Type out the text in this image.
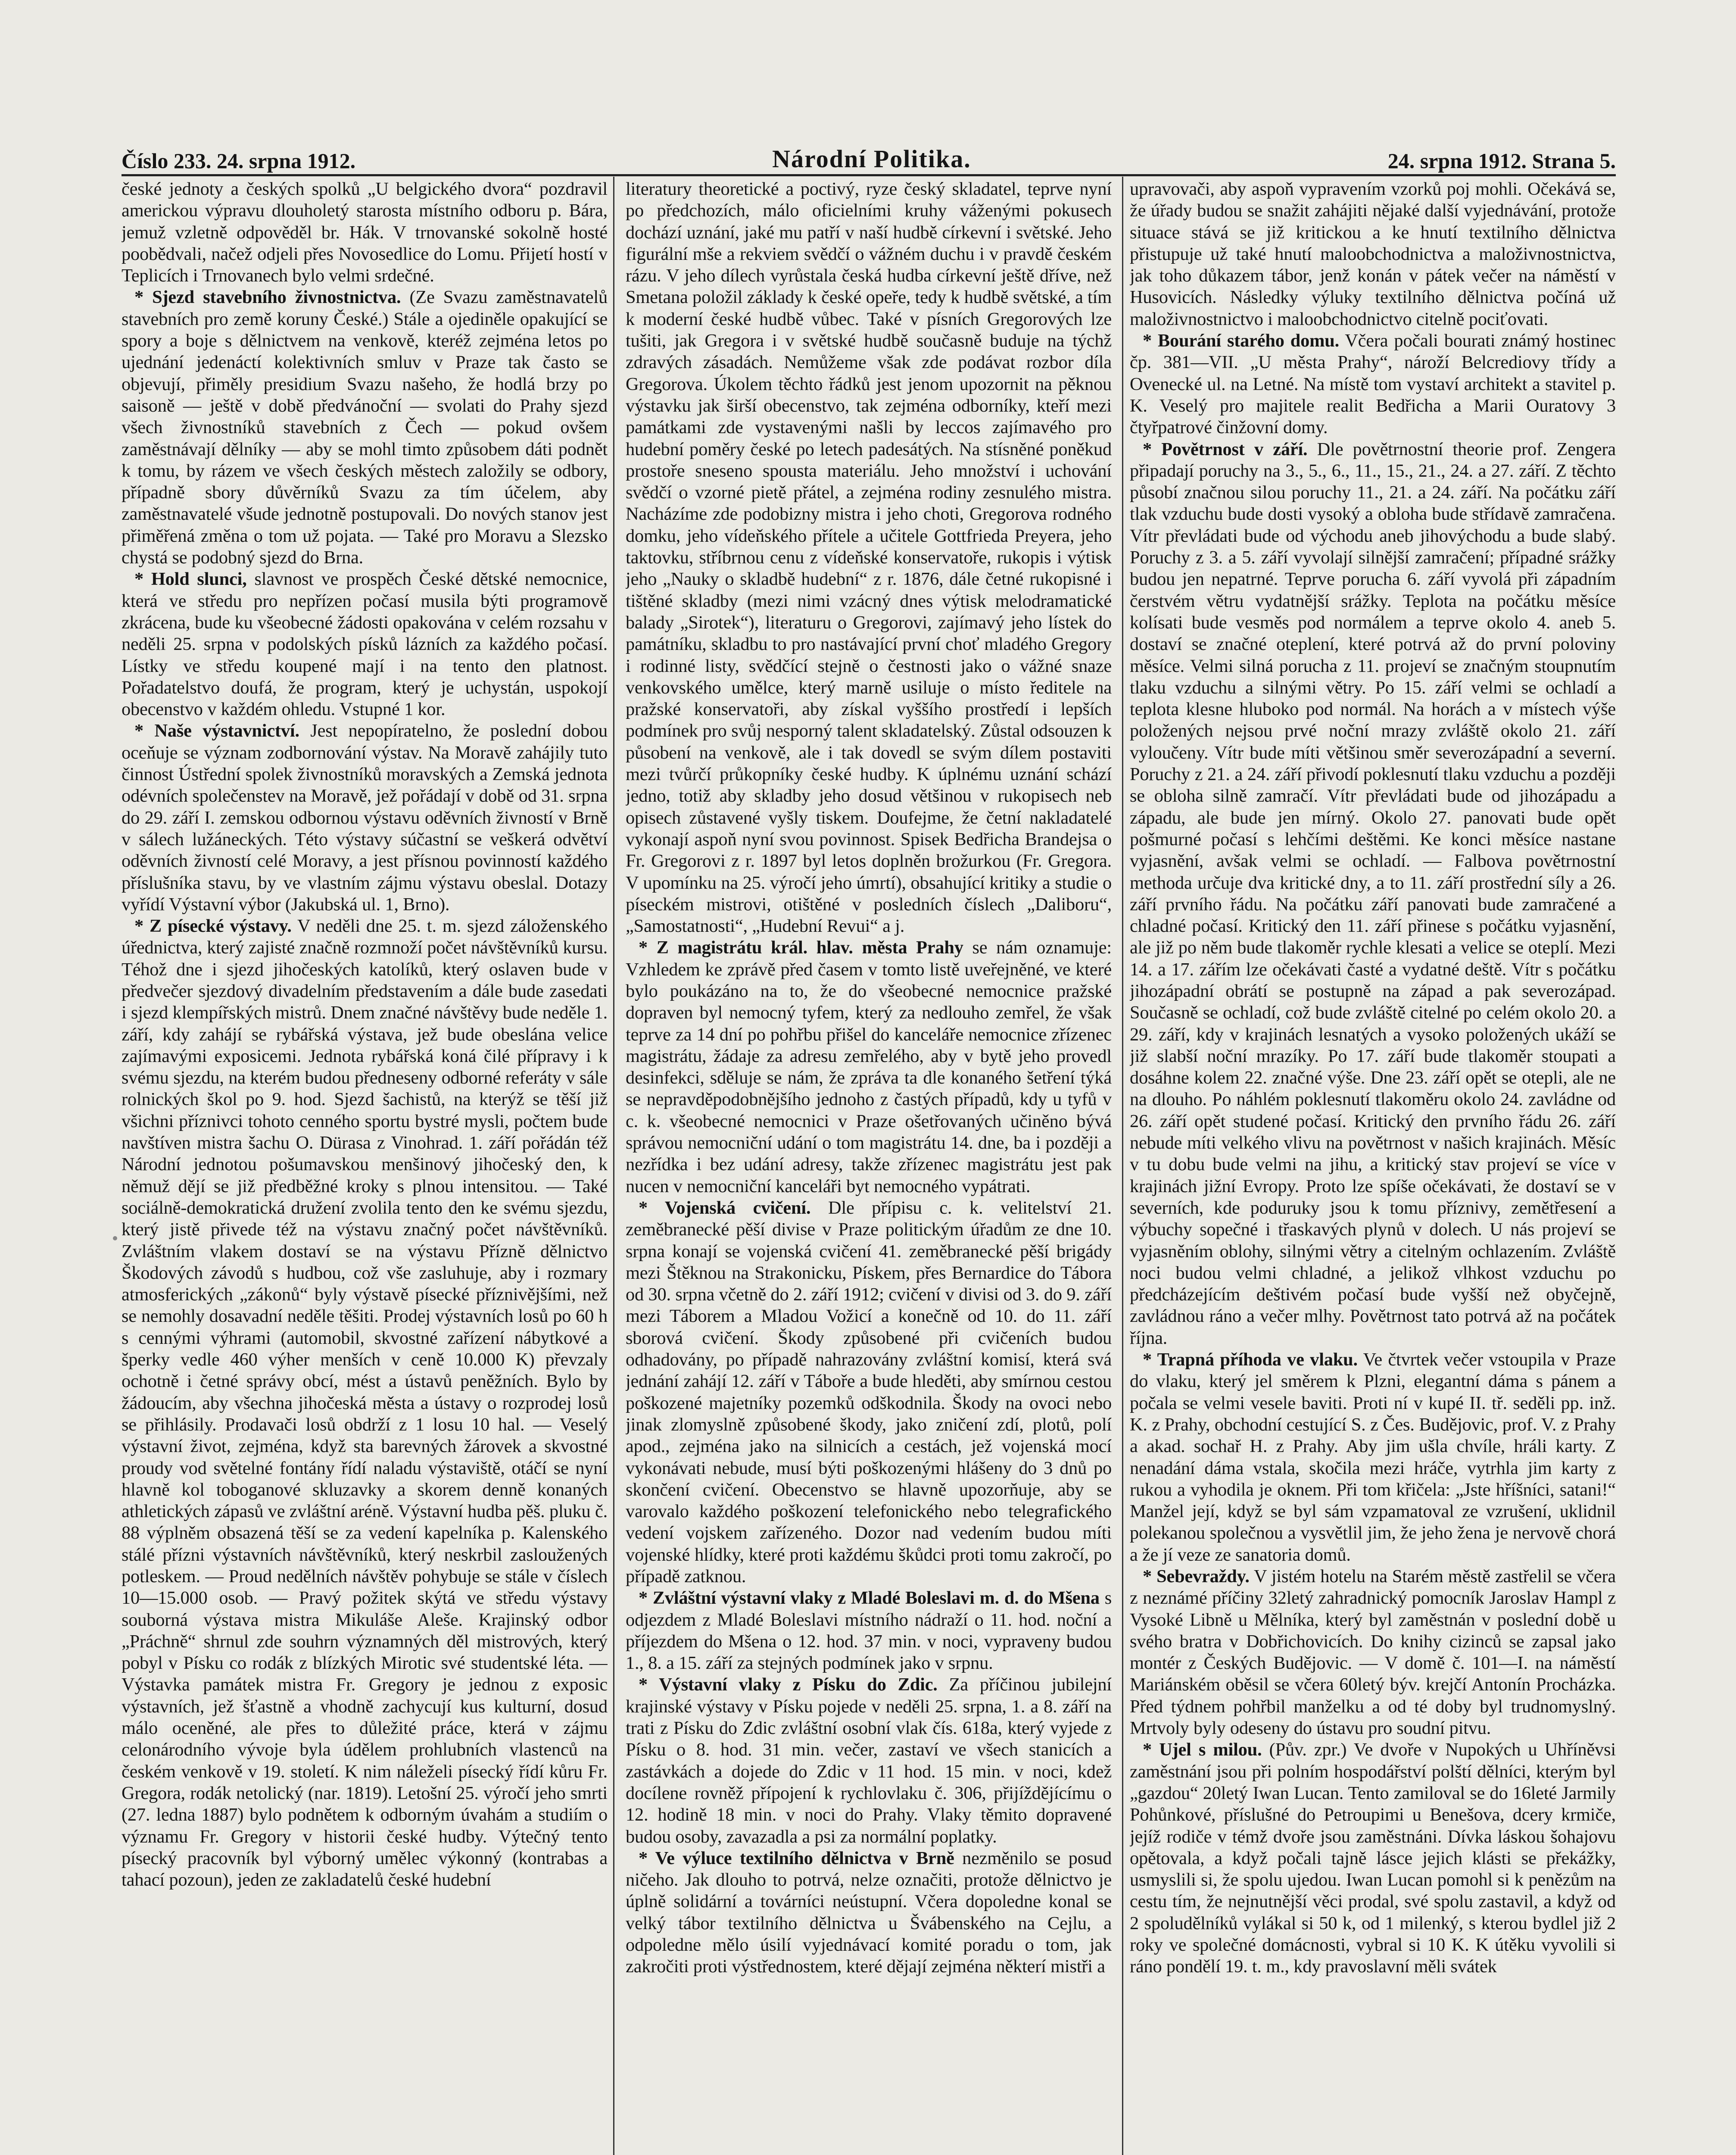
Číslo 233. 24. srpna 1912.	Národní Politika.	24. srpna 1912. Strana 5.

české jednoty a českých spolků „U belgického dvora“ pozdravil americkou výpravu dlouholetý starosta místního odboru p. Bára, jemuž vzletně odpověděl br. Hák. V trnovanské sokolně hosté poobědvali, načež odjeli přes Novosedlice do Lomu. Přijetí hostí v Teplicích i Trnovanech bylo velmi srdečné.

* Sjezd stavebního živnostnictva. (Ze Svazu zaměstnavatelů stavebních pro země koruny České.) Stále a ojediněle opakující se spory a boje s dělnictvem na venkově, kteréž zejména letos po ujednání jedenáctí kolektivních smluv v Praze tak často se objevují, přiměly presidium Svazu našeho, že hodlá brzy po saisoně — ještě v době předvánoční — svolati do Prahy sjezd všech živnostníků stavebních z Čech — pokud ovšem zaměstnávají dělníky — aby se mohl timto způsobem dáti podnět k tomu, by rázem ve všech českých městech založily se odbory, případně sbory důvěrníků Svazu za tím účelem, aby zaměstnavatelé všude jednotně postupovali. Do nových stanov jest přiměřená změna o tom už pojata. — Také pro Moravu a Slezsko chystá se podobný sjezd do Brna.

* Hold slunci, slavnost ve prospěch České dětské nemocnice, která ve středu pro nepřízen počasí musila býti programově zkrácena, bude ku všeobecné žádosti opakována v celém rozsahu v neděli 25. srpna v podolských písků lázních za každého počasí. Lístky ve středu koupené mají i na tento den platnost. Pořadatelstvo doufá, že program, který je uchystán, uspokojí obecenstvo v každém ohledu. Vstupné 1 kor.

* Naše výstavnictví. Jest nepopíratelno, že poslední dobou oceňuje se význam zodbornování výstav. Na Moravě zahájily tuto činnost Ústřední spolek živnostníků moravských a Zemská jednota odévních společenstev na Moravě, jež pořádají v době od 31. srpna do 29. září I. zemskou odbornou výstavu oděvních živností v Brně v sálech lužáneckých. Této výstavy súčastní se veškerá odvětví oděvních živností celé Moravy, a jest přísnou povinností každého příslušníka stavu, by ve vlastním zájmu výstavu obeslal. Dotazy vyřídí Výstavní výbor (Jakubská ul. 1, Brno).

* Z písecké výstavy. V neděli dne 25. t. m. sjezd záloženského úřednictva, který zajisté značně rozmnoží počet návštěvníků kursu. Téhož dne i sjezd jihočeských katolíků, který oslaven bude v předvečer sjezdový divadelním představením a dále bude zasedati i sjezd klempířských mistrů. Dnem značné návštěvy bude neděle 1. září, kdy zahájí se rybářská výstava, jež bude obeslána velice zajímavými exposicemi. Jednota rybářská koná čilé přípravy i k svému sjezdu, na kterém budou předneseny odborné referáty v sále rolnických škol po 9. hod. Sjezd šachistů, na kterýž se těší již všichni příznivci tohoto cenného sportu bystré mysli, počtem bude navštíven mistra šachu O. Dürasa z Vinohrad. 1. září pořádán též Národní jednotou pošumavskou menšinový jihočeský den, k němuž dějí se již předběžné kroky s plnou intensitou. — Také sociálně-demokratická družení zvolila tento den ke svému sjezdu, který jistě přivede též na výstavu značný počet návštěvníků. Zvláštním vlakem dostaví se na výstavu Přízně dělnictvo Škodových závodů s hudbou, což vše zasluhuje, aby i rozmary atmosferických „zákonů“ byly výstavě písecké příznivějšími, než se nemohly dosavadní neděle těšiti. Prodej výstavních losů po 60 h s cennými výhrami (automobil, skvostné zařízení nábytkové a šperky vedle 460 výher menších v ceně 10.000 K) převzaly ochotně i četné správy obcí, mést a ústavů peněžních. Bylo by žádoucím, aby všechna jihočeská města a ústavy o rozprodej losů se přihlásily. Prodavači losů obdrží z 1 losu 10 hal. — Veselý výstavní život, zejména, když sta barevných žárovek a skvostné proudy vod světelné fontány řídí naladu výstaviště, otáčí se nyní hlavně kol toboganové skluzavky a skorem denně konaných athletických zápasů ve zvláštní aréně. Výstavní hudba pěš. pluku č. 88 výplněm obsazená těší se za vedení kapelníka p. Kalenského stálé přízni výstavních návštěvníků, který neskrbil zasloužených potleskem. — Proud nedělních návštěv pohybuje se stále v číslech 10—15.000 osob. — Pravý požitek skýtá ve středu výstavy souborná výstava mistra Mikuláše Aleše. Krajinský odbor „Práchně“ shrnul zde souhrn významných děl mistrových, který pobyl v Písku co rodák z blízkých Mirotic své studentské léta. — Výstavka památek mistra Fr. Gregory je jednou z exposic výstavních, jež šťastně a vhodně zachycují kus kulturní, dosud málo oceněné, ale přes to důležité práce, která v zájmu celonárodního vývoje byla údělem prohlubních vlastenců na českém venkově v 19. století. K nim náleželi písecký řídí kůru Fr. Gregora, rodák netolický (nar. 1819). Letošní 25. výročí jeho smrti (27. ledna 1887) bylo podnětem k odborným úvahám a studiím o významu Fr. Gregory v historii české hudby. Výtečný tento písecký pracovník byl výborný umělec výkonný (kontrabas a tahací pozoun), jeden ze zakladatelů české hudební

literatury theoretické a poctivý, ryze český skladatel, teprve nyní po předchozích, málo oficielními kruhy váženými pokusech dochází uznání, jaké mu patří v naší hudbě církevní i světské. Jeho figurální mše a rekviem svědčí o vážném duchu i v pravdě českém rázu. V jeho dílech vyrůstala česká hudba církevní ještě dříve, než Smetana položil základy k české opeře, tedy k hudbě světské, a tím k moderní české hudbě vůbec. Také v písních Gregorových lze tušiti, jak Gregora i v světské hudbě současně buduje na týchž zdravých zásadách. Nemůžeme však zde podávat rozbor díla Gregorova. Úkolem těchto řádků jest jenom upozornit na pěknou výstavku jak širší obecenstvo, tak zejména odborníky, kteří mezi památkami zde vystavenými našli by leccos zajímavého pro hudební poměry české po letech padesátých. Na stísněné poněkud prostoře sneseno spousta materiálu. Jeho množství i uchování svědčí o vzorné pietě přátel, a zejména rodiny zesnulého mistra. Nacházíme zde podobizny mistra i jeho choti, Gregorova rodného domku, jeho vídeňského přítele a učitele Gottfrieda Preyera, jeho taktovku, stříbrnou cenu z vídeňské konservatoře, rukopis i výtisk jeho „Nauky o skladbě hudební“ z r. 1876, dále četné rukopisné i tištěné skladby (mezi nimi vzácný dnes výtisk melodramatické balady „Sirotek“), literaturu o Gregorovi, zajímavý jeho lístek do památníku, skladbu to pro nastávající první choť mladého Gregory i rodinné listy, svědčící stejně o čestnosti jako o vážné snaze venkovského umělce, který marně usiluje o místo ředitele na pražské konservatoři, aby získal vyššího prostředí i lepších podmínek pro svůj nesporný talent skladatelský. Zůstal odsouzen k působení na venkově, ale i tak dovedl se svým dílem postaviti mezi tvůrčí průkopníky české hudby. K úplnému uznání schází jedno, totiž aby skladby jeho dosud většinou v rukopisech neb opisech zůstavené vyšly tiskem. Doufejme, že četní nakladatelé vykonají aspoň nyní svou povinnost. Spisek Bedřicha Brandejsa o Fr. Gregorovi z r. 1897 byl letos doplněn brožurkou (Fr. Gregora. V upomínku na 25. výročí jeho úmrtí), obsahující kritiky a studie o píseckém mistrovi, otištěné v posledních číslech „Daliboru“, „Samostatnosti“, „Hudební Revui“ a j.

* Z magistrátu král. hlav. města Prahy se nám oznamuje: Vzhledem ke zprávě před časem v tomto listě uveřejněné, ve které bylo poukázáno na to, že do všeobecné nemocnice pražské dopraven byl nemocný tyfem, který za nedlouho zemřel, že však teprve za 14 dní po pohřbu přišel do kanceláře nemocnice zřízenec magistrátu, žádaje za adresu zemřelého, aby v bytě jeho provedl desinfekci, sděluje se nám, že zpráva ta dle konaného šetření týká se nepravděpodobnějšího jednoho z častých případů, kdy u tyfů v c. k. všeobecné nemocnici v Praze ošetřovaných učiněno bývá správou nemocniční udání o tom magistrátu 14. dne, ba i později a nezřídka i bez udání adresy, takže zřízenec magistrátu jest pak nucen v nemocniční kanceláři byt nemocného vypátrati.

* Vojenská cvičení. Dle přípisu c. k. velitelství 21. zeměbranecké pěší divise v Praze politickým úřadům ze dne 10. srpna konají se vojenská cvičení 41. zeměbranecké pěší brigády mezi Štěknou na Strakonicku, Pískem, přes Bernardice do Tábora od 30. srpna včetně do 2. září 1912; cvičení v divisi od 3. do 9. září mezi Táborem a Mladou Vožicí a konečně od 10. do 11. září sborová cvičení. Škody způsobené při cvičeních budou odhadovány, po případě nahrazovány zvláštní komisí, která svá jednání zahájí 12. září v Táboře a bude hleděti, aby smírnou cestou poškozené majetníky pozemků odškodnila. Škody na ovoci nebo jinak zlomyslně způsobené škody, jako zničení zdí, plotů, polí apod., zejména jako na silnicích a cestách, jež vojenská mocí vykonávati nebude, musí býti poškozenými hlášeny do 3 dnů po skončení cvičení. Obecenstvo se hlavně upozorňuje, aby se varovalo každého poškození telefonického nebo telegrafického vedení vojskem zařízeného. Dozor nad vedením budou míti vojenské hlídky, které proti každému škůdci proti tomu zakročí, po případě zatknou.

* Zvláštní výstavní vlaky z Mladé Boleslavi m. d. do Mšena s odjezdem z Mladé Boleslavi místního nádraží o 11. hod. noční a příjezdem do Mšena o 12. hod. 37 min. v noci, vypraveny budou 1., 8. a 15. září za stejných podmínek jako v srpnu.

* Výstavní vlaky z Písku do Zdic. Za příčinou jubilejní krajinské výstavy v Písku pojede v neděli 25. srpna, 1. a 8. září na trati z Písku do Zdic zvláštní osobní vlak čís. 618a, který vyjede z Písku o 8. hod. 31 min. večer, zastaví ve všech stanicích a zastávkách a dojede do Zdic v 11 hod. 15 min. v noci, kdež docílene rovněž přípojení k rychlovlaku č. 306, přijíždějícímu o 12. hodině 18 min. v noci do Prahy. Vlaky těmito dopravené budou osoby, zavazadla a psi za normální poplatky.

* Ve výluce textilního dělnictva v Brně nezměnilo se posud ničeho. Jak dlouho to potrvá, nelze označiti, protože dělnictvo je úplně solidární a továrníci neústupní. Včera dopoledne konal se velký tábor textilního dělnictva u Švábenského na Cejlu, a odpoledne mělo úsilí vyjednávací komité poradu o tom, jak zakročiti proti výstřednostem, které dějají zejména některí mistři a

upravovači, aby aspoň vypravením vzorků poj mohli. Očekává se, že úřady budou se snažit zahájiti nějaké další vyjednávání, protože situace stává se již kritickou a ke hnutí textilního dělnictva přistupuje už také hnutí maloobchodnictva a maloživnostnictva, jak toho důkazem tábor, jenž konán v pátek večer na náměstí v Husovicích. Následky výluky textilního dělnictva počíná už maloživnostnictvo i maloobchodnictvo citelně pociťovati.

* Bourání starého domu. Včera počali bourati známý hostinec čp. 381—VII. „U města Prahy“, nároží Belcrediovy třídy a Ovenecké ul. na Letné. Na místě tom vystaví architekt a stavitel p. K. Veselý pro majitele realit Bedřicha a Marii Ouratovy 3 čtyřpatrové činžovní domy.

* Povětrnost v září. Dle povětrnostní theorie prof. Zengera připadají poruchy na 3., 5., 6., 11., 15., 21., 24. a 27. září. Z těchto působí značnou silou poruchy 11., 21. a 24. září. Na počátku září tlak vzduchu bude dosti vysoký a obloha bude střídavě zamračena. Vítr převládati bude od východu aneb jihovýchodu a bude slabý. Poruchy z 3. a 5. září vyvolají silnější zamračení; případné srážky budou jen nepatrné. Teprve porucha 6. září vyvolá při západním čerstvém větru vydatnější srážky. Teplota na počátku měsíce kolísati bude vesměs pod normálem a teprve okolo 4. aneb 5. dostaví se značné oteplení, které potrvá až do první poloviny měsíce. Velmi silná porucha z 11. projeví se značným stoupnutím tlaku vzduchu a silnými větry. Po 15. září velmi se ochladí a teplota klesne hluboko pod normál. Na horách a v místech výše položených nejsou prvé noční mrazy zvláště okolo 21. září vyloučeny. Vítr bude míti většinou směr severozápadní a severní. Poruchy z 21. a 24. září přivodí poklesnutí tlaku vzduchu a později se obloha silně zamračí. Vítr převládati bude od jihozápadu a západu, ale bude jen mírný. Okolo 27. panovati bude opět pošmurné počasí s lehčími deštěmi. Ke konci měsíce nastane vyjasnění, avšak velmi se ochladí. — Falbova povětrnostní methoda určuje dva kritické dny, a to 11. září prostřední síly a 26. září prvního řádu. Na počátku září panovati bude zamračené a chladné počasí. Kritický den 11. září přinese s počátku vyjasnění, ale již po něm bude tlakoměr rychle klesati a velice se oteplí. Mezi 14. a 17. zářím lze očekávati časté a vydatné deště. Vítr s počátku jihozápadní obrátí se postupně na západ a pak severozápad. Současně se ochladí, což bude zvláště citelné po celém okolo 20. a 29. září, kdy v krajinách lesnatých a vysoko položených ukáží se již slabší noční mrazíky. Po 17. září bude tlakoměr stoupati a dosáhne kolem 22. značné výše. Dne 23. září opět se otepli, ale ne na dlouho. Po náhlém poklesnutí tlakoměru okolo 24. zavládne od 26. září opět studené počasí. Kritický den prvního řádu 26. září nebude míti velkého vlivu na povětrnost v našich krajinách. Měsíc v tu dobu bude velmi na jihu, a kritický stav projeví se více v krajinách jižní Evropy. Proto lze spíše očekávati, že dostaví se v severních, kde poduruky jsou k tomu příznivy, zemětřesení a výbuchy sopečné i třaskavých plynů v dolech. U nás projeví se vyjasněním oblohy, silnými větry a citelným ochlazením. Zvláště noci budou velmi chladné, a jelikož vlhkost vzduchu po předcházejícím deštivém počasí bude vyšší než obyčejně, zavládnou ráno a večer mlhy. Povětrnost tato potrvá až na počátek října.

* Trapná příhoda ve vlaku. Ve čtvrtek večer vstoupila v Praze do vlaku, který jel směrem k Plzni, elegantní dáma s pánem a počala se velmi vesele baviti. Proti ní v kupé II. tř. seděli pp. inž. K. z Prahy, obchodní cestující S. z Čes. Budějovic, prof. V. z Prahy a akad. sochař H. z Prahy. Aby jim ušla chvíle, hráli karty. Z nenadání dáma vstala, skočila mezi hráče, vytrhla jim karty z rukou a vyhodila je oknem. Při tom křičela: „Jste hříšníci, satani!“ Manžel její, když se byl sám vzpamatoval ze vzrušení, uklidnil polekanou společnou a vysvětlil jim, že jeho žena je nervově chorá a že jí veze ze sanatoria domů.

* Sebevraždy. V jistém hotelu na Starém městě zastřelil se včera z neznámé příčiny 32letý zahradnický pomocník Jaroslav Hampl z Vysoké Libně u Mělníka, který byl zaměstnán v poslední době u svého bratra v Dobřichovicích. Do knihy cizinců se zapsal jako montér z Českých Budějovic. — V domě č. 101—I. na náměstí Mariánském oběsil se včera 60letý býv. krejčí Antonín Procházka. Před týdnem pohřbil manželku a od té doby byl trudnomyslný. Mrtvoly byly odeseny do ústavu pro soudní pitvu.

* Ujel s milou. (Pův. zpr.) Ve dvoře v Nupokých u Uhříněvsi zaměstnání jsou při polním hospodářství polští dělníci, kterým byl „gazdou“ 20letý Iwan Lucan. Tento zamiloval se do 16leté Jarmily Pohůnkové, příslušné do Petroupimi u Benešova, dcery krmiče, jejíž rodiče v témž dvoře jsou zaměstnáni. Dívka láskou šohajovu opětovala, a když počali tajně lásce jejich klásti se překážky, usmyslili si, že spolu ujedou. Iwan Lucan pomohl si k penězům na cestu tím, že nejnutnější věci prodal, své spolu zastavil, a když od 2 spoludělníků vylákal si 50 k, od 1 milenký, s kterou bydlel již 2 roky ve společné domácnosti, vybral si 10 K. K útěku vyvolili si ráno pondělí 19. t. m., kdy pravoslavní měli svátek
